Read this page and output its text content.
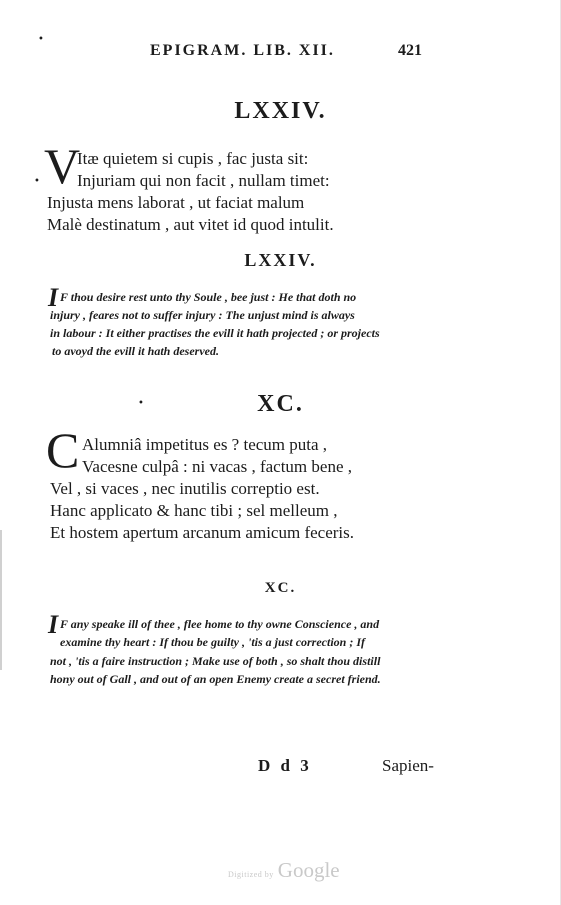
•
EPIGRAM. LIB. XII.	421
LXXIV.
V
Itæ quietem si cupis , fac justa sit:
Injuriam qui non facit , nullam timet:
Injusta mens laborat , ut faciat malum
Malè destinatum , aut vitet id quod intulit.
•
LXXIV.
I F thou desire rest unto thy Soule , bee just : He that doth no
injury , feares not to suffer injury : The unjust mind is always
in labour : It either practises the evill it hath projected ; or projects
to avoyd the evill it hath deserved.
•	XC.
C Alumniâ impetitus es ? tecum puta ,
Vacesne culpâ : ni vacas , factum bene ,
Vel , si vaces , nec inutilis correptio est.
Hanc applicato & hanc tibi ; sel melleum ,
Et hostem apertum arcanum amicum feceris.
XC.
I F any speake ill of thee , flee home to thy owne Conscience , and
examine thy heart : If thou be guilty , 'tis a just correction ; If
not , 'tis a faire instruction ; Make use of both , so shalt thou distill
hony out of Gall , and out of an open Enemy create a secret friend.
D d 3	Sapien-
Digitized by Google
